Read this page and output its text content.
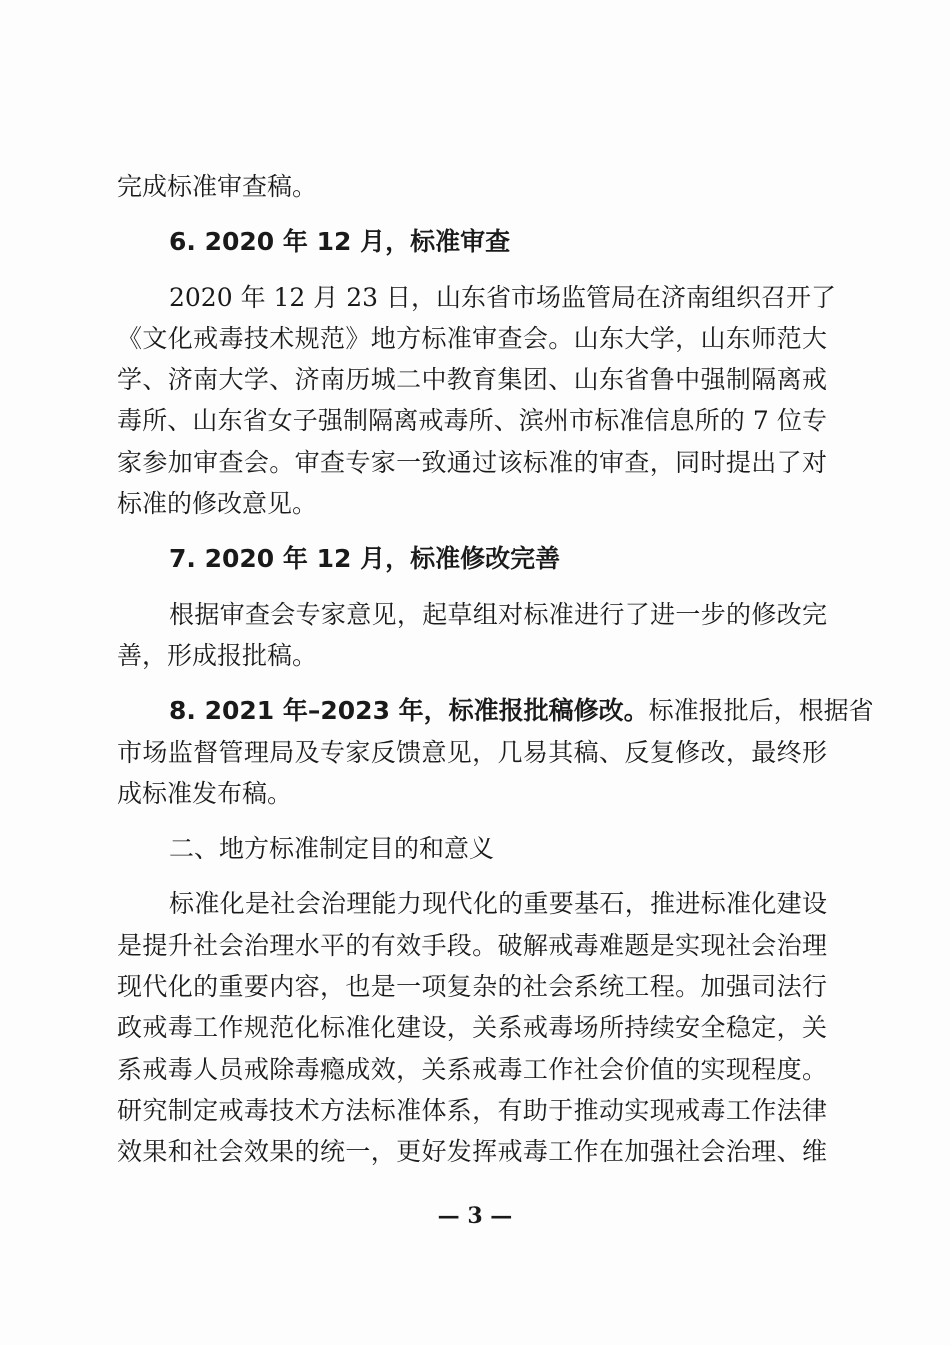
完成标准审查稿。
6. 2020 年 12 月，标准审查
2020 年 12 月 23 日，山东省市场监管局在济南组织召开了
《文化戒毒技术规范》地方标准审查会。山东大学，山东师范大
学、济南大学、济南历城二中教育集团、山东省鲁中强制隔离戒
毒所、山东省女子强制隔离戒毒所、滨州市标准信息所的 7 位专
家参加审查会。审查专家一致通过该标准的审查，同时提出了对
标准的修改意见。
7. 2020 年 12 月，标准修改完善
根据审查会专家意见，起草组对标准进行了进一步的修改完
善，形成报批稿。
8. 2021 年–2023 年，标准报批稿修改。标准报批后，根据省
市场监督管理局及专家反馈意见，几易其稿、反复修改，最终形
成标准发布稿。
二、地方标准制定目的和意义
标准化是社会治理能力现代化的重要基石，推进标准化建设
是提升社会治理水平的有效手段。破解戒毒难题是实现社会治理
现代化的重要内容，也是一项复杂的社会系统工程。加强司法行
政戒毒工作规范化标准化建设，关系戒毒场所持续安全稳定，关
系戒毒人员戒除毒瘾成效，关系戒毒工作社会价值的实现程度。
研究制定戒毒技术方法标准体系，有助于推动实现戒毒工作法律
效果和社会效果的统一，更好发挥戒毒工作在加强社会治理、维
— 3 —
